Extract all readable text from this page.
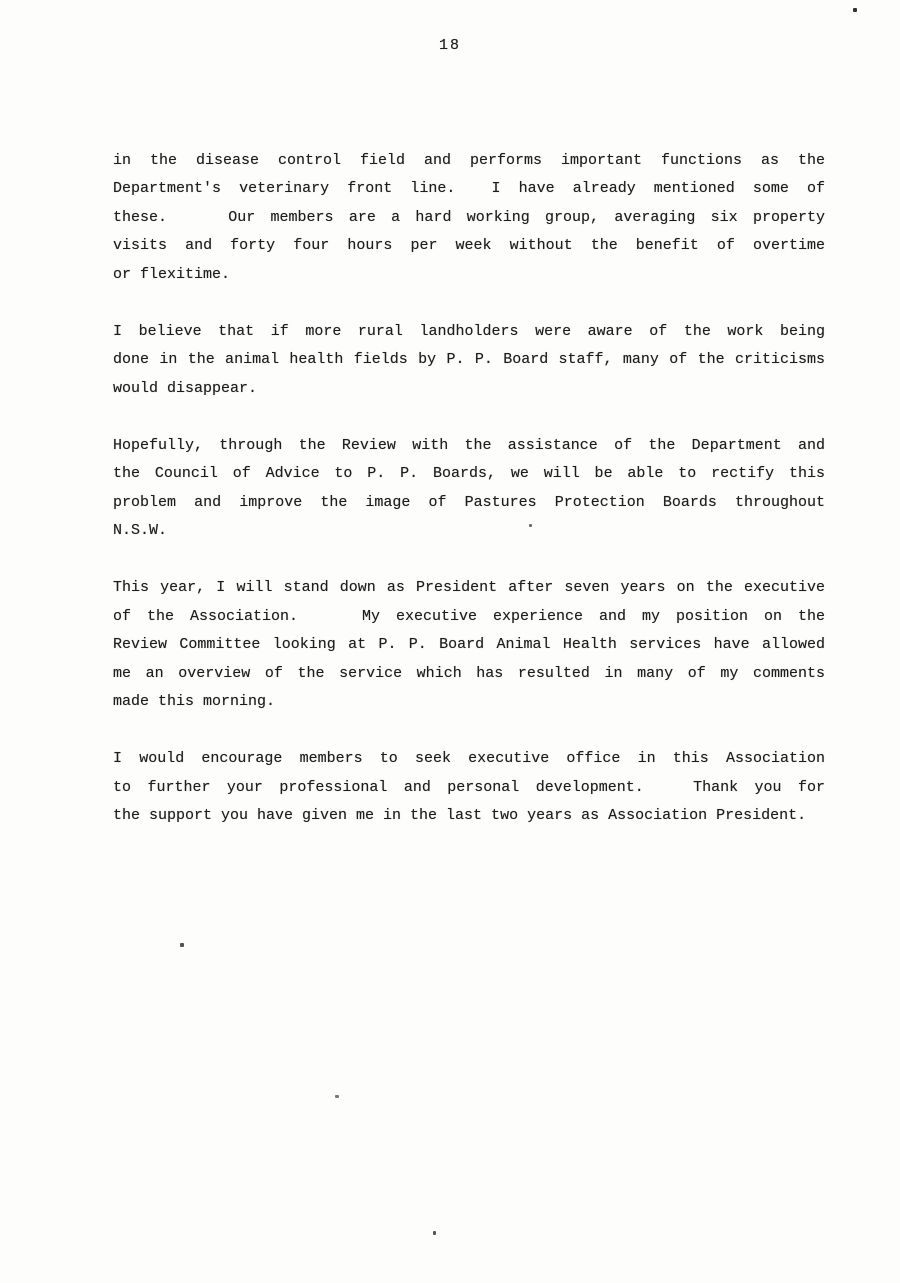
18

in the disease control field and performs important functions as the
Department's veterinary front line.  I have already mentioned some of
these.    Our members are a hard working group, averaging six property
visits and forty four hours per week without the benefit of overtime
or flexitime.

I believe that if more rural landholders were aware of the work being
done in the animal health fields by P. P. Board staff, many of the criticisms
would disappear.

Hopefully, through the Review with the assistance of the Department and
the Council of Advice to P. P. Boards, we will be able to rectify this
problem and improve the image of Pastures Protection Boards throughout
N.S.W.

This year, I will stand down as President after seven years on the executive
of the Association.    My executive experience and my position on the
Review Committee looking at P. P. Board Animal Health services have allowed
me an overview of the service which has resulted in many of my comments
made this morning.

I would encourage members to seek executive office in this Association
to further your professional and personal development.   Thank you for
the support you have given me in the last two years as Association President.
